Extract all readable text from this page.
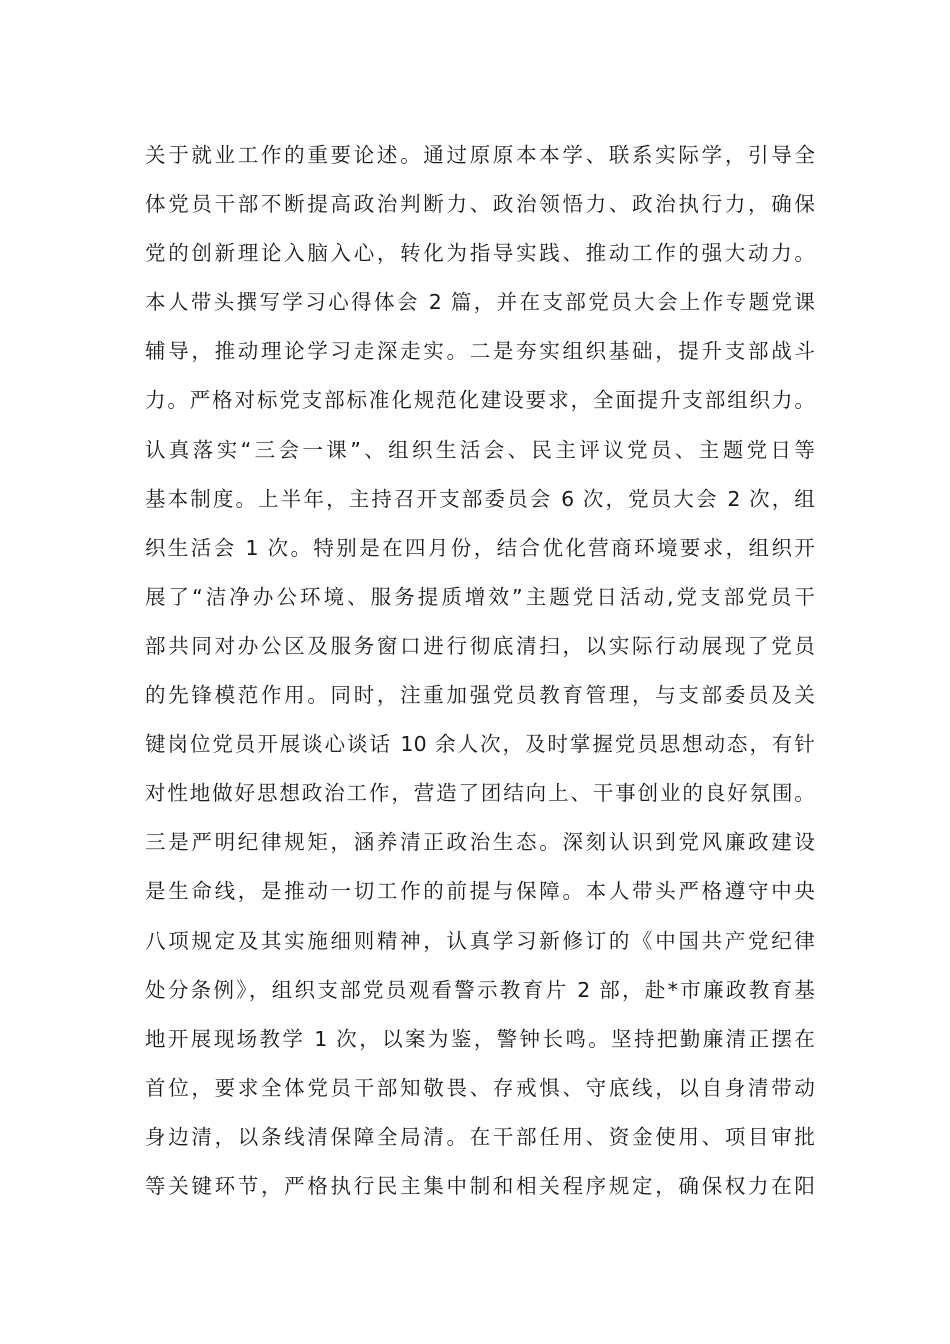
关于就业工作的重要论述。通过原原本本学、联系实际学，引导全
体党员干部不断提高政治判断力、政治领悟力、政治执行力，确保
党的创新理论入脑入心，转化为指导实践、推动工作的强大动力。
本人带头撰写学习心得体会 2 篇，并在支部党员大会上作专题党课
辅导，推动理论学习走深走实。二是夯实组织基础，提升支部战斗
力。严格对标党支部标准化规范化建设要求，全面提升支部组织力。
认真落实“三会一课”、组织生活会、民主评议党员、主题党日等
基本制度。上半年，主持召开支部委员会 6 次，党员大会 2 次，组
织生活会 1 次。特别是在四月份，结合优化营商环境要求，组织开
展了“洁净办公环境、服务提质增效”主题党日活动,党支部党员干
部共同对办公区及服务窗口进行彻底清扫，以实际行动展现了党员
的先锋模范作用。同时，注重加强党员教育管理，与支部委员及关
键岗位党员开展谈心谈话 10 余人次，及时掌握党员思想动态，有针
对性地做好思想政治工作，营造了团结向上、干事创业的良好氛围。
三是严明纪律规矩，涵养清正政治生态。深刻认识到党风廉政建设
是生命线，是推动一切工作的前提与保障。本人带头严格遵守中央
八项规定及其实施细则精神，认真学习新修订的《中国共产党纪律
处分条例》，组织支部党员观看警示教育片 2 部，赴*市廉政教育基
地开展现场教学 1 次，以案为鉴，警钟长鸣。坚持把勤廉清正摆在
首位，要求全体党员干部知敬畏、存戒惧、守底线，以自身清带动
身边清，以条线清保障全局清。在干部任用、资金使用、项目审批
等关键环节，严格执行民主集中制和相关程序规定，确保权力在阳
